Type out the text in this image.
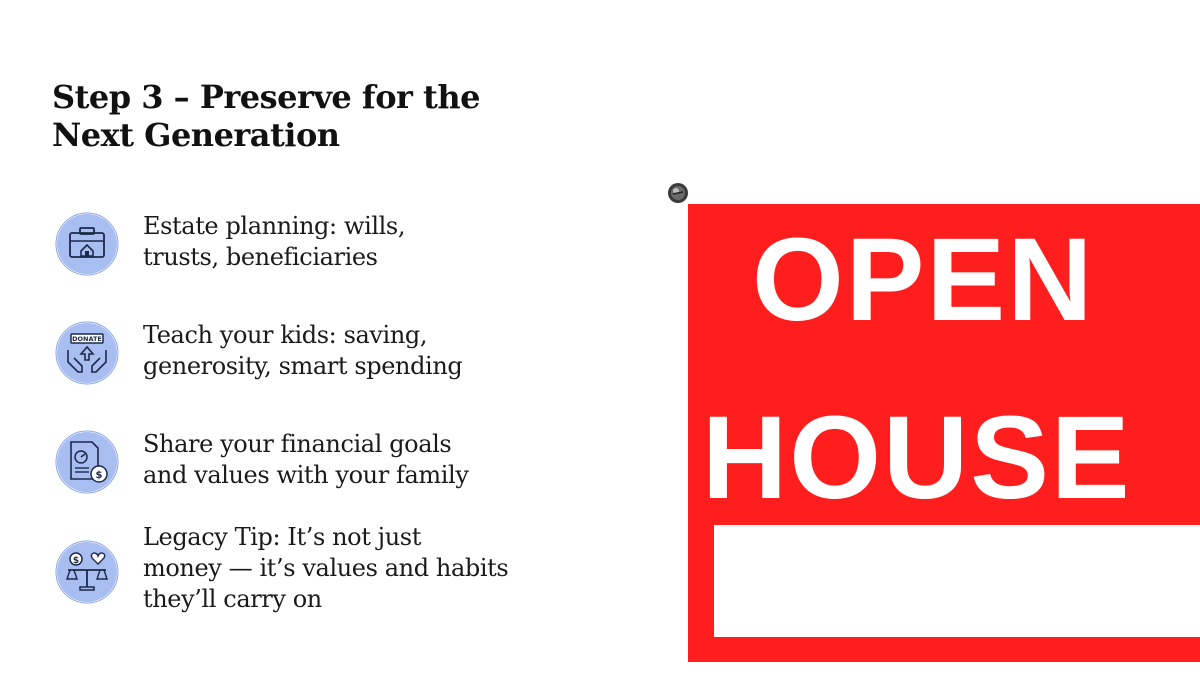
Step 3 – Preserve for the
Next Generation

Estate planning: wills,
trusts, beneficiaries

DONATE Teach your kids: saving,
generosity, smart spending

$

Share your financial goals
and values with your family

$

Legacy Tip: It’s not just
money — it’s values and habits
they’ll carry on

OPEN
HOUSE
